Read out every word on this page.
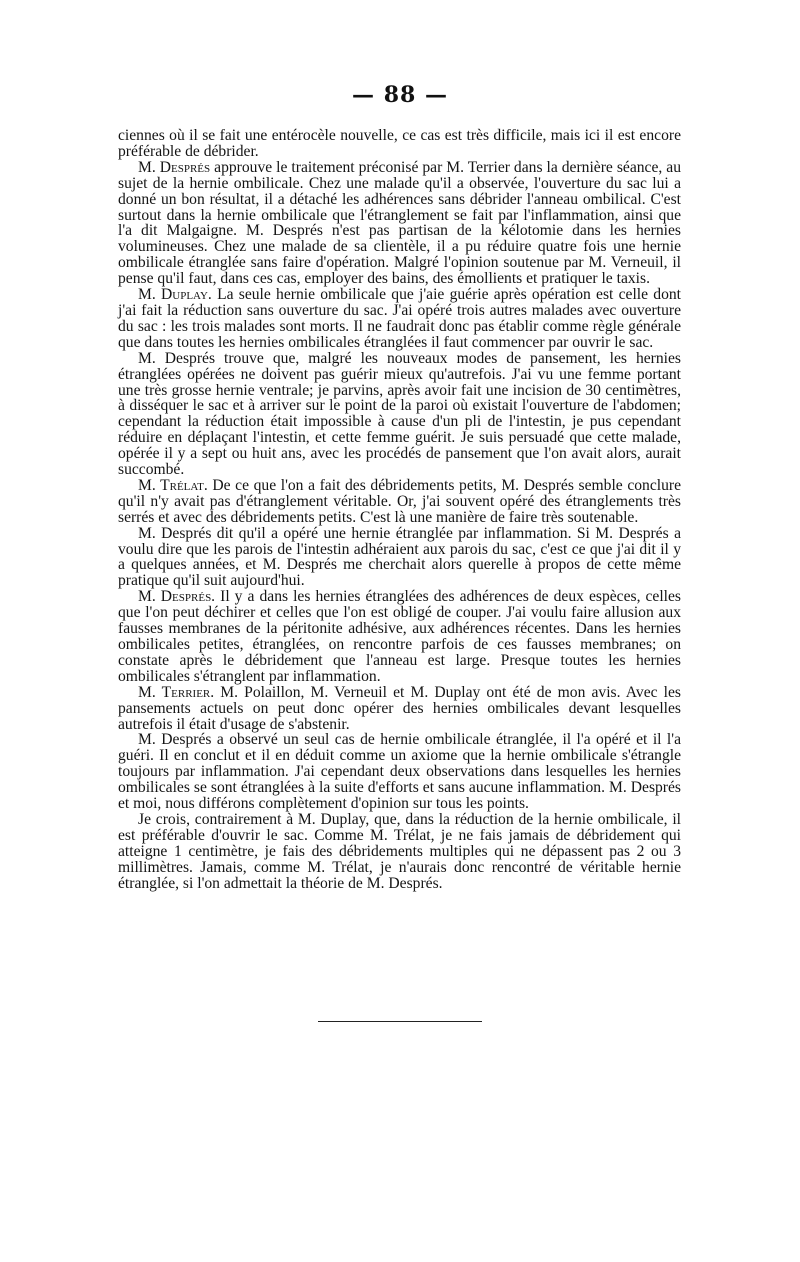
— 88 —

ciennes où il se fait une entérocèle nouvelle, ce cas est très difficile, mais ici il est encore préférable de débrider.

M. Després approuve le traitement préconisé par M. Terrier dans la dernière séance, au sujet de la hernie ombilicale. Chez une malade qu'il a observée, l'ouverture du sac lui a donné un bon résultat, il a détaché les adhérences sans débrider l'anneau ombilical. C'est surtout dans la hernie ombilicale que l'étranglement se fait par l'inflammation, ainsi que l'a dit Malgaigne. M. Després n'est pas partisan de la kélotomie dans les hernies volumineuses. Chez une malade de sa clientèle, il a pu réduire quatre fois une hernie ombilicale étranglée sans faire d'opération. Malgré l'opinion soutenue par M. Verneuil, il pense qu'il faut, dans ces cas, employer des bains, des émollients et pratiquer le taxis.

M. Duplay. La seule hernie ombilicale que j'aie guérie après opération est celle dont j'ai fait la réduction sans ouverture du sac. J'ai opéré trois autres malades avec ouverture du sac : les trois malades sont morts. Il ne faudrait donc pas établir comme règle générale que dans toutes les hernies ombilicales étranglées il faut commencer par ouvrir le sac.

M. Després trouve que, malgré les nouveaux modes de pansement, les hernies étranglées opérées ne doivent pas guérir mieux qu'autrefois. J'ai vu une femme portant une très grosse hernie ventrale; je parvins, après avoir fait une incision de 30 centimètres, à disséquer le sac et à arriver sur le point de la paroi où existait l'ouverture de l'abdomen; cependant la réduction était impossible à cause d'un pli de l'intestin, je pus cependant réduire en déplaçant l'intestin, et cette femme guérit. Je suis persuadé que cette malade, opérée il y a sept ou huit ans, avec les procédés de pansement que l'on avait alors, aurait succombé.

M. Trélat. De ce que l'on a fait des débridements petits, M. Després semble conclure qu'il n'y avait pas d'étranglement véritable. Or, j'ai souvent opéré des étranglements très serrés et avec des débridements petits. C'est là une manière de faire très soutenable.

M. Després dit qu'il a opéré une hernie étranglée par inflammation. Si M. Després a voulu dire que les parois de l'intestin adhéraient aux parois du sac, c'est ce que j'ai dit il y a quelques années, et M. Després me cherchait alors querelle à propos de cette même pratique qu'il suit aujourd'hui.

M. Després. Il y a dans les hernies étranglées des adhérences de deux espèces, celles que l'on peut déchirer et celles que l'on est obligé de couper. J'ai voulu faire allusion aux fausses membranes de la péritonite adhésive, aux adhérences récentes. Dans les hernies ombilicales petites, étranglées, on rencontre parfois de ces fausses membranes; on constate après le débridement que l'anneau est large. Presque toutes les hernies ombilicales s'étranglent par inflammation.

M. Terrier. M. Polaillon, M. Verneuil et M. Duplay ont été de mon avis. Avec les pansements actuels on peut donc opérer des hernies ombilicales devant lesquelles autrefois il était d'usage de s'abstenir.

M. Després a observé un seul cas de hernie ombilicale étranglée, il l'a opéré et il l'a guéri. Il en conclut et il en déduit comme un axiome que la hernie ombilicale s'étrangle toujours par inflammation. J'ai cependant deux observations dans lesquelles les hernies ombilicales se sont étranglées à la suite d'efforts et sans aucune inflammation. M. Després et moi, nous différons complètement d'opinion sur tous les points.

Je crois, contrairement à M. Duplay, que, dans la réduction de la hernie ombilicale, il est préférable d'ouvrir le sac. Comme M. Trélat, je ne fais jamais de débridement qui atteigne 1 centimètre, je fais des débridements multiples qui ne dépassent pas 2 ou 3 millimètres. Jamais, comme M. Trélat, je n'aurais donc rencontré de véritable hernie étranglée, si l'on admettait la théorie de M. Després.
